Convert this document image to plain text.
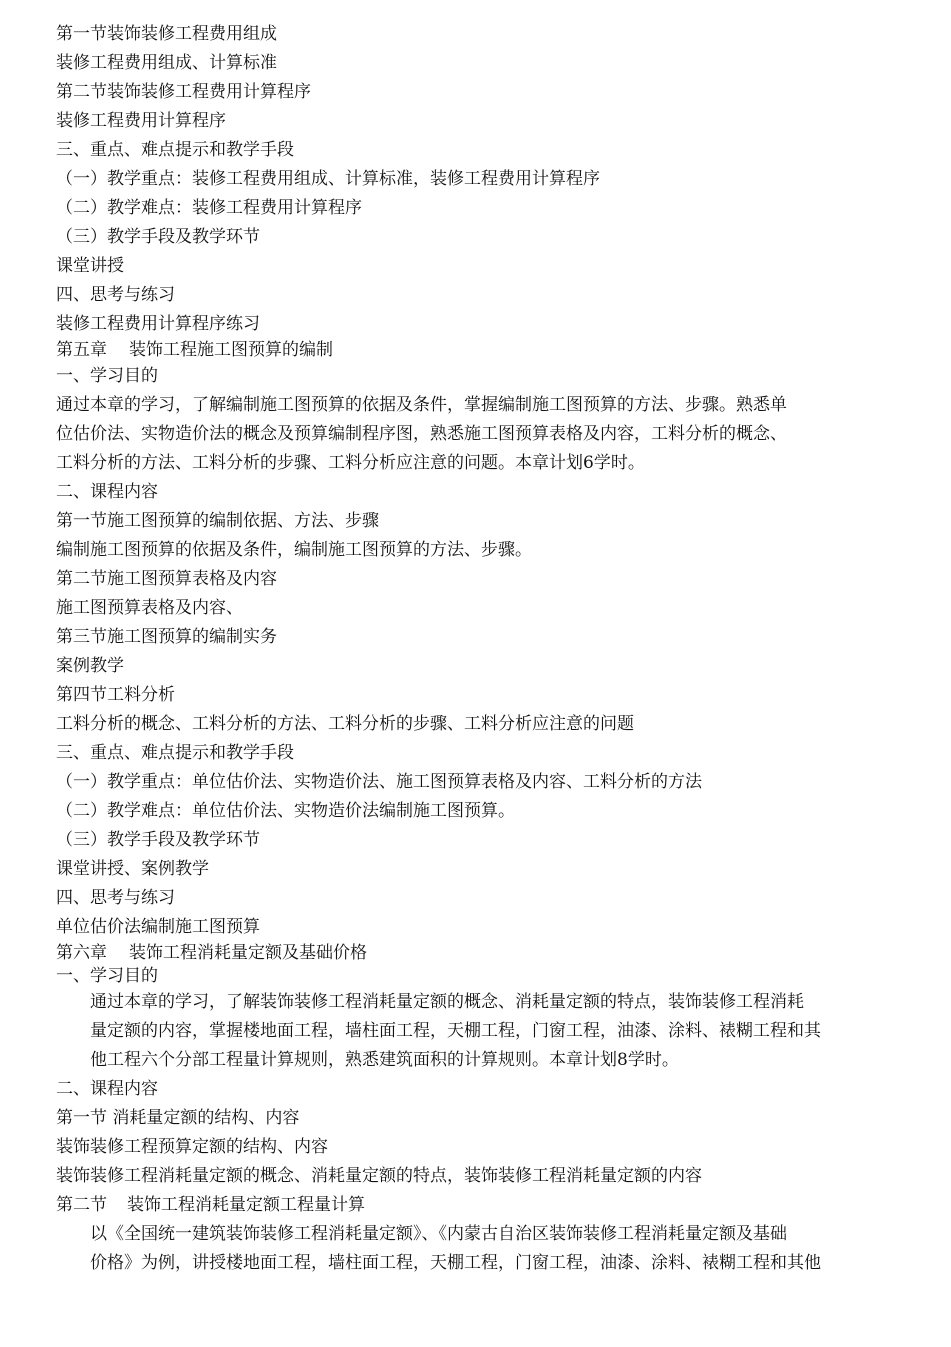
第一节装饰装修工程费用组成
装修工程费用组成、计算标准
第二节装饰装修工程费用计算程序
装修工程费用计算程序
三、重点、难点提示和教学手段
（一）教学重点：装修工程费用组成、计算标准，装修工程费用计算程序
（二）教学难点：装修工程费用计算程序
（三）教学手段及教学环节
课堂讲授
四、思考与练习
装修工程费用计算程序练习
第五章 装饰工程施工图预算的编制
一、学习目的
通过本章的学习，了解编制施工图预算的依据及条件，掌握编制施工图预算的方法、步骤。熟悉单
位估价法、实物造价法的概念及预算编制程序图，熟悉施工图预算表格及内容，工料分析的概念、
工料分析的方法、工料分析的步骤、工料分析应注意的问题。本章计划6学时。
二、课程内容
第一节施工图预算的编制依据、方法、步骤
编制施工图预算的依据及条件，编制施工图预算的方法、步骤。
第二节施工图预算表格及内容
施工图预算表格及内容、
第三节施工图预算的编制实务
案例教学
第四节工料分析
工料分析的概念、工料分析的方法、工料分析的步骤、工料分析应注意的问题
三、重点、难点提示和教学手段
（一）教学重点：单位估价法、实物造价法、施工图预算表格及内容、工料分析的方法
（二）教学难点：单位估价法、实物造价法编制施工图预算。
（三）教学手段及教学环节
课堂讲授、案例教学
四、思考与练习
单位估价法编制施工图预算
第六章 装饰工程消耗量定额及基础价格
一、学习目的
通过本章的学习，了解装饰装修工程消耗量定额的概念、消耗量定额的特点，装饰装修工程消耗
量定额的内容，掌握楼地面工程，墙柱面工程，天棚工程，门窗工程，油漆、涂料、裱糊工程和其
他工程六个分部工程量计算规则，熟悉建筑面积的计算规则。本章计划8学时。
二、课程内容
第一节 消耗量定额的结构、内容
装饰装修工程预算定额的结构、内容
装饰装修工程消耗量定额的概念、消耗量定额的特点，装饰装修工程消耗量定额的内容
第二节 装饰工程消耗量定额工程量计算
以《全国统一建筑装饰装修工程消耗量定额》、《内蒙古自治区装饰装修工程消耗量定额及基础
价格》为例，讲授楼地面工程，墙柱面工程，天棚工程，门窗工程，油漆、涂料、裱糊工程和其他
